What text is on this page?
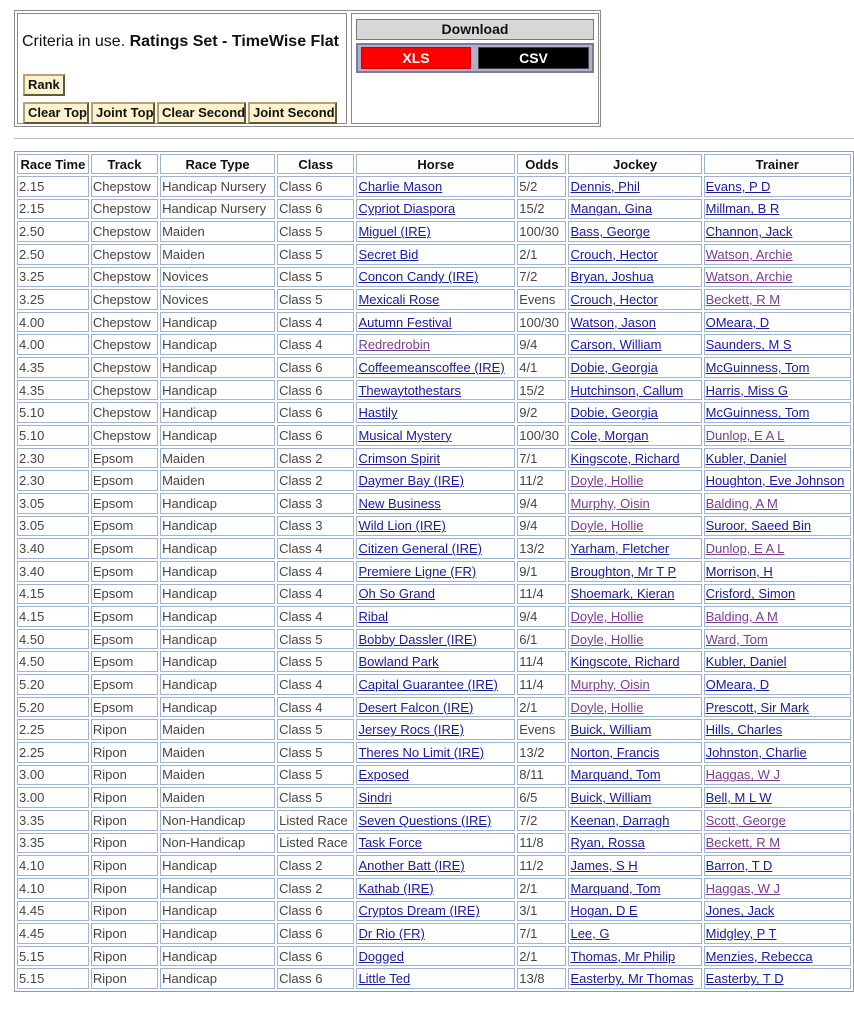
Criteria in use. Ratings Set - TimeWise Flat
Rank
Clear Top Joint Top Clear Second Joint Second
Download
XLS	CSV
Race Time	Track	Race Type	Class	Horse	Odds	Jockey	Trainer
2.15	Chepstow	Handicap Nursery	Class 6	Charlie Mason	5/2	Dennis, Phil	Evans, P D
2.15	Chepstow	Handicap Nursery	Class 6	Cypriot Diaspora	15/2	Mangan, Gina	Millman, B R
2.50	Chepstow	Maiden	Class 5	Miguel (IRE)	100/30	Bass, George	Channon, Jack
2.50	Chepstow	Maiden	Class 5	Secret Bid	2/1	Crouch, Hector	Watson, Archie
3.25	Chepstow	Novices	Class 5	Concon Candy (IRE)	7/2	Bryan, Joshua	Watson, Archie
3.25	Chepstow	Novices	Class 5	Mexicali Rose	Evens	Crouch, Hector	Beckett, R M
4.00	Chepstow	Handicap	Class 4	Autumn Festival	100/30	Watson, Jason	OMeara, D
4.00	Chepstow	Handicap	Class 4	Redredrobin	9/4	Carson, William	Saunders, M S
4.35	Chepstow	Handicap	Class 6	Coffeemeanscoffee (IRE)	4/1	Dobie, Georgia	McGuinness, Tom
4.35	Chepstow	Handicap	Class 6	Thewaytothestars	15/2	Hutchinson, Callum	Harris, Miss G
5.10	Chepstow	Handicap	Class 6	Hastily	9/2	Dobie, Georgia	McGuinness, Tom
5.10	Chepstow	Handicap	Class 6	Musical Mystery	100/30	Cole, Morgan	Dunlop, E A L
2.30	Epsom	Maiden	Class 2	Crimson Spirit	7/1	Kingscote, Richard	Kubler, Daniel
2.30	Epsom	Maiden	Class 2	Daymer Bay (IRE)	11/2	Doyle, Hollie	Houghton, Eve Johnson
3.05	Epsom	Handicap	Class 3	New Business	9/4	Murphy, Oisin	Balding, A M
3.05	Epsom	Handicap	Class 3	Wild Lion (IRE)	9/4	Doyle, Hollie	Suroor, Saeed Bin
3.40	Epsom	Handicap	Class 4	Citizen General (IRE)	13/2	Yarham, Fletcher	Dunlop, E A L
3.40	Epsom	Handicap	Class 4	Premiere Ligne (FR)	9/1	Broughton, Mr T P	Morrison, H
4.15	Epsom	Handicap	Class 4	Oh So Grand	11/4	Shoemark, Kieran	Crisford, Simon
4.15	Epsom	Handicap	Class 4	Ribal	9/4	Doyle, Hollie	Balding, A M
4.50	Epsom	Handicap	Class 5	Bobby Dassler (IRE)	6/1	Doyle, Hollie	Ward, Tom
4.50	Epsom	Handicap	Class 5	Bowland Park	11/4	Kingscote, Richard	Kubler, Daniel
5.20	Epsom	Handicap	Class 4	Capital Guarantee (IRE)	11/4	Murphy, Oisin	OMeara, D
5.20	Epsom	Handicap	Class 4	Desert Falcon (IRE)	2/1	Doyle, Hollie	Prescott, Sir Mark
2.25	Ripon	Maiden	Class 5	Jersey Rocs (IRE)	Evens	Buick, William	Hills, Charles
2.25	Ripon	Maiden	Class 5	Theres No Limit (IRE)	13/2	Norton, Francis	Johnston, Charlie
3.00	Ripon	Maiden	Class 5	Exposed	8/11	Marquand, Tom	Haggas, W J
3.00	Ripon	Maiden	Class 5	Sindri	6/5	Buick, William	Bell, M L W
3.35	Ripon	Non-Handicap	Listed Race	Seven Questions (IRE)	7/2	Keenan, Darragh	Scott, George
3.35	Ripon	Non-Handicap	Listed Race	Task Force	11/8	Ryan, Rossa	Beckett, R M
4.10	Ripon	Handicap	Class 2	Another Batt (IRE)	11/2	James, S H	Barron, T D
4.10	Ripon	Handicap	Class 2	Kathab (IRE)	2/1	Marquand, Tom	Haggas, W J
4.45	Ripon	Handicap	Class 6	Cryptos Dream (IRE)	3/1	Hogan, D E	Jones, Jack
4.45	Ripon	Handicap	Class 6	Dr Rio (FR)	7/1	Lee, G	Midgley, P T
5.15	Ripon	Handicap	Class 6	Dogged	2/1	Thomas, Mr Philip	Menzies, Rebecca
5.15	Ripon	Handicap	Class 6	Little Ted	13/8	Easterby, Mr Thomas	Easterby, T D
